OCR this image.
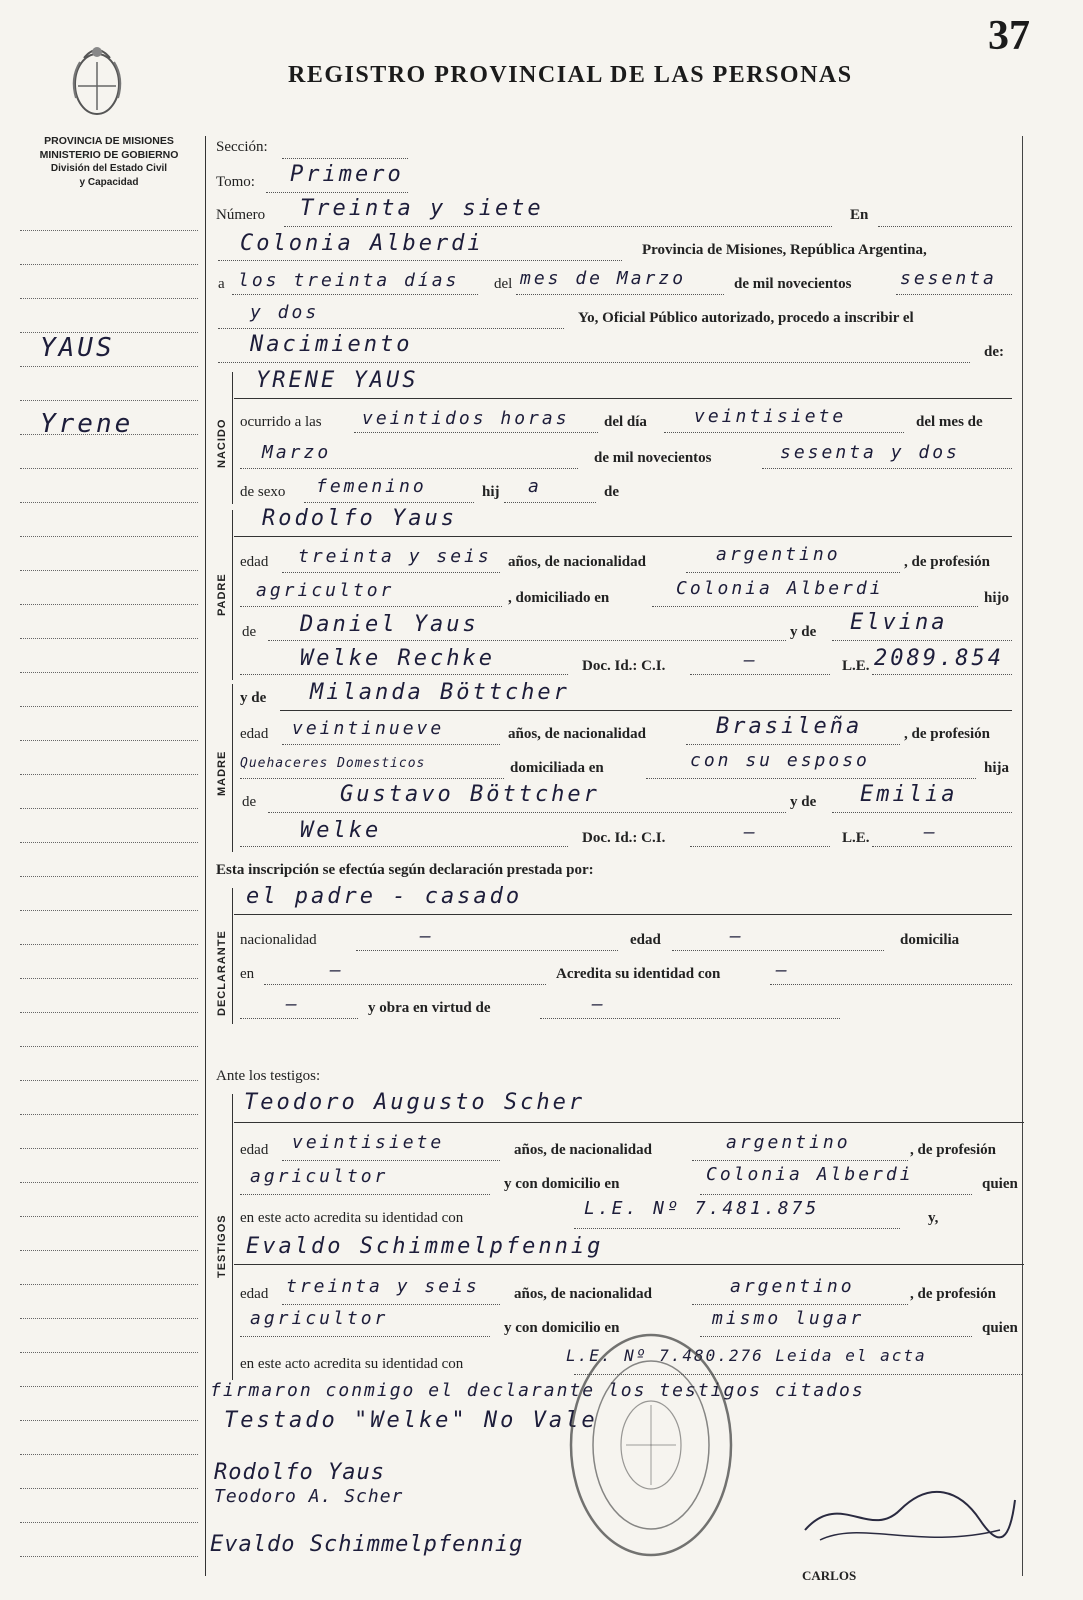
37
REGISTRO PROVINCIAL DE LAS PERSONAS
PROVINCIA DE MISIONES
MINISTERIO DE GOBIERNO
División del Estado Civil
y Capacidad
YAUS
Yrene
Sección:
Tomo: Primero
Número Treinta y siete	En
Colonia Alberdi	Provincia de Misiones, República Argentina,
a los treinta días del mes de Marzo	de mil novecientos	sesenta
y dos	Yo, Oficial Público autorizado, procedo a inscribir el
Nacimiento	de:
NACIDO
YRENE YAUS
ocurrido a las veintidos horas del día	veintisiete	del mes de
Marzo	de mil novecientos	sesenta y dos
de sexo femenino	hij a	de
PADRE
Rodolfo Yaus
edad treinta y seis años, de nacionalidad	argentino	, de profesión
agricultor	, domiciliado en	Colonia Alberdi	hijo
de Daniel Yaus	y de Elvina
Welke Rechke	Doc. Id.: C.I.	—	L.E. 2089.854
MADRE
y de Milanda Böttcher
edad veintinueve	años, de nacionalidad	Brasileña	, de profesión
Quehaceres Domesticos	domiciliada en	con su esposo	hija
de	Gustavo Böttcher	y de Emilia
Welke	Doc. Id.: C.I.	—	L.E.	—
Esta inscripción se efectúa según declaración prestada por:
DECLARANTE
el padre - casado
nacionalidad	—	edad	—	domicilia
en	—	Acredita su identidad con	—
—	y obra en virtud de	—
Ante los testigos:
TESTIGOS
Teodoro Augusto Scher
edad veintisiete	años, de nacionalidad	argentino	, de profesión
agricultor	y con domicilio en	Colonia Alberdi	quien
en este acto acredita su identidad con	L.E. Nº 7.481.875	y,
Evaldo Schimmelpfennig
edad treinta y seis años, de nacionalidad	argentino	, de profesión
agricultor	y con domicilio en	mismo lugar	quien
en este acto acredita su identidad con	L.E. Nº 7.480.276 Leida el acta
firmaron conmigo el declarante los testigos citados
Testado "Welke" No Vale
Rodolfo Yaus
Teodoro A. Scher
Evaldo Schimmelpfennig
CARLOS
